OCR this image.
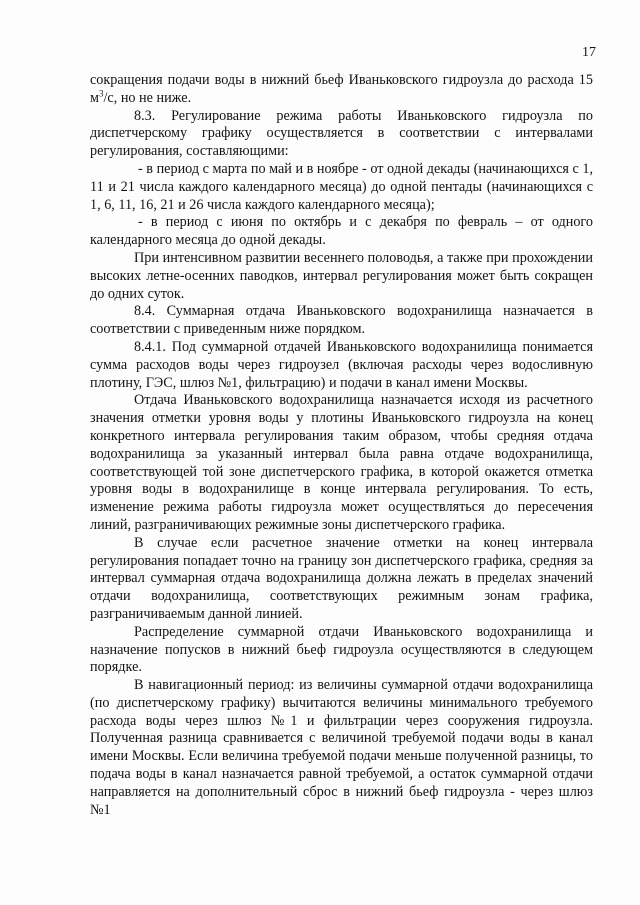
17

сокращения подачи воды в нижний бьеф Иваньковского гидроузла до расхода 15 $м^3/с$, но не ниже.

8.3. Регулирование режима работы Иваньковского гидроузла по диспетчерскому графику осуществляется в соответствии с интервалами регулирования, составляющими:

- в период с марта по май и в ноябре - от одной декады (начинающихся с 1, 11 и 21 числа каждого календарного месяца) до одной пентады (начинающихся с 1, 6, 11, 16, 21 и 26 числа каждого календарного месяца);

- в период с июня по октябрь и с декабря по февраль – от одного календарного месяца до одной декады.

При интенсивном развитии весеннего половодья, а также при прохождении высоких летне-осенних паводков, интервал регулирования может быть сокращен до одних суток.

8.4. Суммарная отдача Иваньковского водохранилища назначается в соответствии с приведенным ниже порядком.

8.4.1. Под суммарной отдачей Иваньковского водохранилища понимается сумма расходов воды через гидроузел (включая расходы через водосливную плотину, ГЭС, шлюз №1, фильтрацию) и подачи в канал имени Москвы.

Отдача Иваньковского водохранилища назначается исходя из расчетного значения отметки уровня воды у плотины Иваньковского гидроузла на конец конкретного интервала регулирования таким образом, чтобы средняя отдача водохранилища за указанный интервал была равна отдаче водохранилища, соответствующей той зоне диспетчерского графика, в которой окажется отметка уровня воды в водохранилище в конце интервала регулирования. То есть, изменение режима работы гидроузла может осуществляться до пересечения линий, разграничивающих режимные зоны диспетчерского графика.

В случае если расчетное значение отметки на конец интервала регулирования попадает точно на границу зон диспетчерского графика, средняя за интервал суммарная отдача водохранилища должна лежать в пределах значений отдачи водохранилища, соответствующих режимным зонам графика, разграничиваемым данной линией.

Распределение суммарной отдачи Иваньковского водохранилища и назначение попусков в нижний бьеф гидроузла осуществляются в следующем порядке.

В навигационный период: из величины суммарной отдачи водохранилища (по диспетчерскому графику) вычитаются величины минимального требуемого расхода воды через шлюз №1 и фильтрации через сооружения гидроузла. Полученная разница сравнивается с величиной требуемой подачи воды в канал имени Москвы. Если величина требуемой подачи меньше полученной разницы, то подача воды в канал назначается равной требуемой, а остаток суммарной отдачи направляется на дополнительный сброс в нижний бьеф гидроузла - через шлюз №1
